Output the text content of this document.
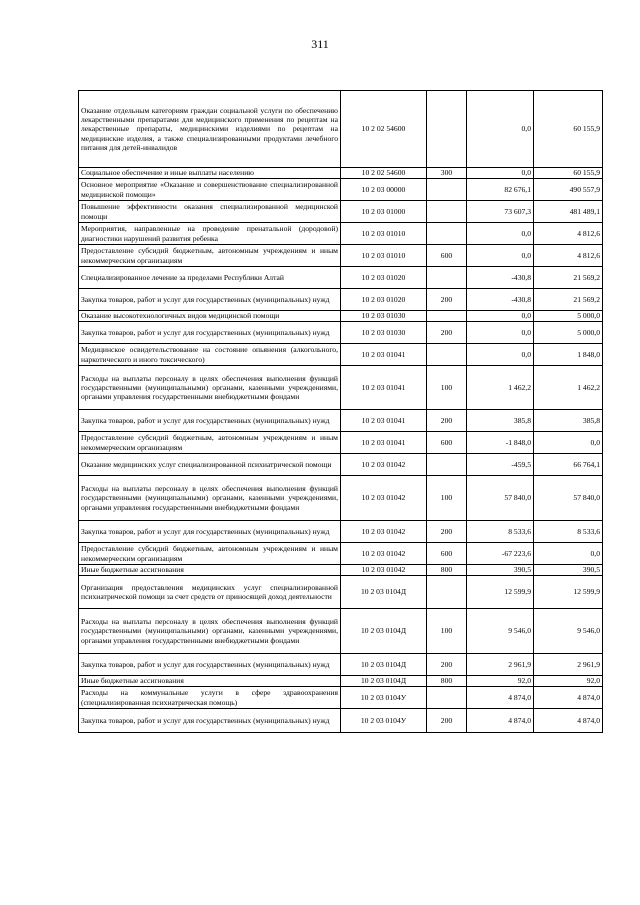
311
Оказание отдельным категориям граждан социальной услуги по обеспечению лекарственными препаратами для медицинского применения по рецептам на лекарственные препараты, медицинскими изделиями по рецептам на медицинские изделия, а также специализированными продуктами лечебного питания для детей-инвалидов	10 2 02 54600		0,0	60 155,9
Социальное обеспечение и иные выплаты населению	10 2 02 54600	300	0,0	60 155,9
Основное мероприятие «Оказание и совершенствование специализированной медицинской помощи»	10 2 03 00000		82 676,1	490 557,9
Повышение эффективности оказания специализированной медицинской помощи	10 2 03 01000		73 607,3	481 489,1
Мероприятия, направленные на проведение пренатальной (дородовой) диагностики нарушений развития ребенка	10 2 03 01010		0,0	4 812,6
Предоставление субсидий бюджетным, автономным учреждениям и иным некоммерческим организациям	10 2 03 01010	600	0,0	4 812,6
Специализированное лечение за пределами Республики Алтай	10 2 03 01020		-430,8	21 569,2
Закупка товаров, работ и услуг для государственных (муниципальных) нужд	10 2 03 01020	200	-430,8	21 569,2
Оказание высокотехнологичных видов медицинской помощи	10 2 03 01030		0,0	5 000,0
Закупка товаров, работ и услуг для государственных (муниципальных) нужд	10 2 03 01030	200	0,0	5 000,0
Медицинское освидетельствование на состояние опьянения (алкогольного, наркотического и иного токсического)	10 2 03 01041		0,0	1 848,0
Расходы на выплаты персоналу в целях обеспечения выполнения функций государственными (муниципальными) органами, казенными учреждениями, органами управления государственными внебюджетными фондами	10 2 03 01041	100	1 462,2	1 462,2
Закупка товаров, работ и услуг для государственных (муниципальных) нужд	10 2 03 01041	200	385,8	385,8
Предоставление субсидий бюджетным, автономным учреждениям и иным некоммерческим организациям	10 2 03 01041	600	-1 848,0	0,0
Оказание медицинских услуг специализированной психиатрической помощи	10 2 03 01042		-459,5	66 764,1
Расходы на выплаты персоналу в целях обеспечения выполнения функций государственными (муниципальными) органами, казенными учреждениями, органами управления государственными внебюджетными фондами	10 2 03 01042	100	57 840,0	57 840,0
Закупка товаров, работ и услуг для государственных (муниципальных) нужд	10 2 03 01042	200	8 533,6	8 533,6
Предоставление субсидий бюджетным, автономным учреждениям и иным некоммерческим организациям	10 2 03 01042	600	-67 223,6	0,0
Иные бюджетные ассигнования	10 2 03 01042	800	390,5	390,5
Организация предоставления медицинских услуг специализированной психиатрической помощи за счет средств от приносящей доход деятельности	10 2 03 0104Д		12 599,9	12 599,9
Расходы на выплаты персоналу в целях обеспечения выполнения функций государственными (муниципальными) органами, казенными учреждениями, органами управления государственными внебюджетными фондами	10 2 03 0104Д	100	9 546,0	9 546,0
Закупка товаров, работ и услуг для государственных (муниципальных) нужд	10 2 03 0104Д	200	2 961,9	2 961,9
Иные бюджетные ассигнования	10 2 03 0104Д	800	92,0	92,0
Расходы на коммунальные услуги в сфере здравоохранения (специализированная психиатрическая помощь)	10 2 03 0104У		4 874,0	4 874,0
Закупка товаров, работ и услуг для государственных (муниципальных) нужд	10 2 03 0104У	200	4 874,0	4 874,0
